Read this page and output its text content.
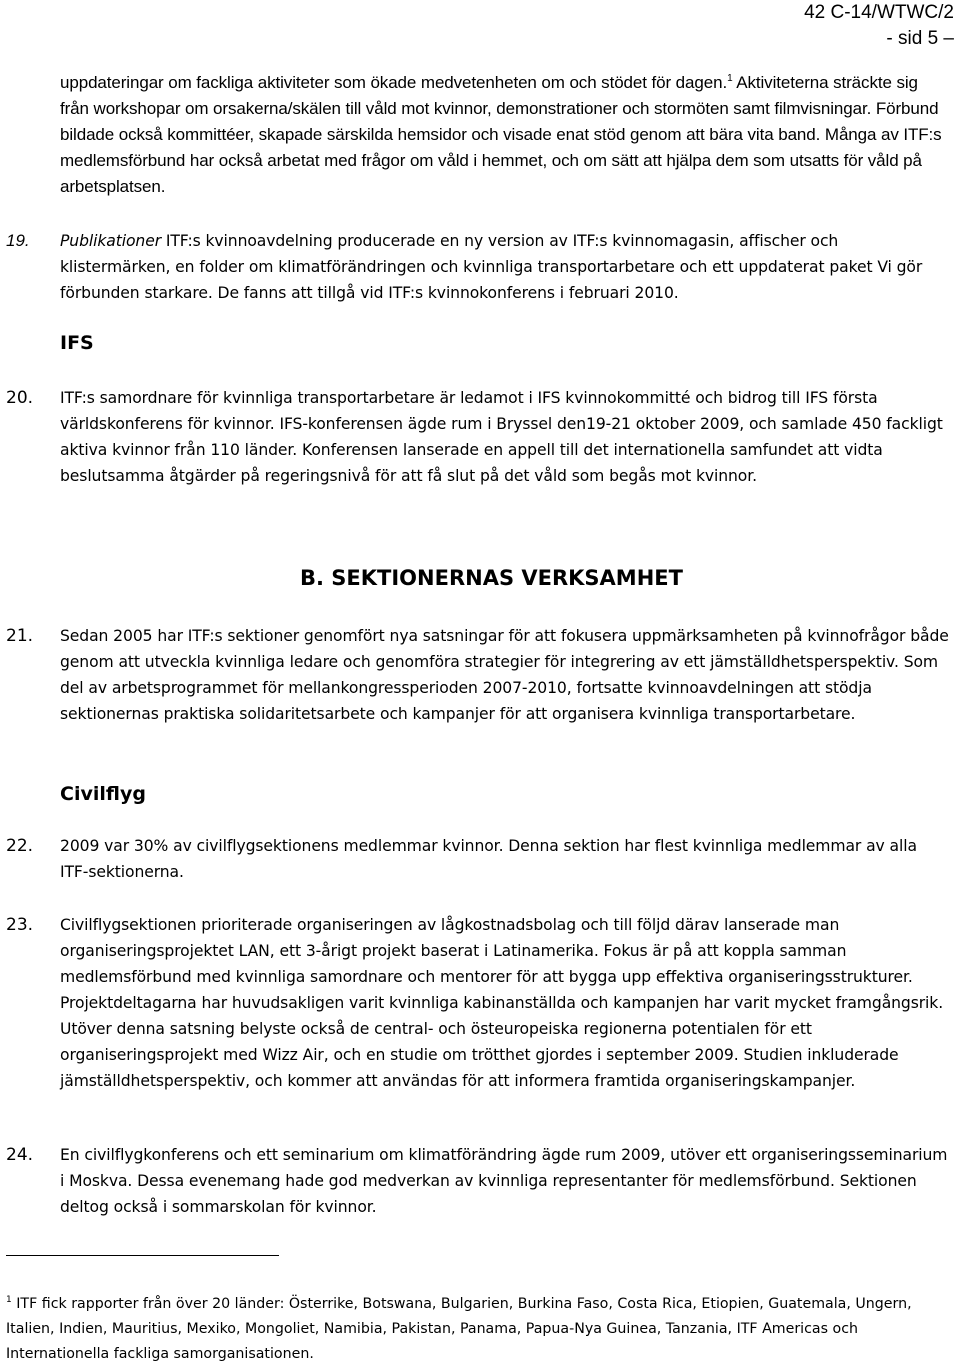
42 C-14/WTWC/2
- sid 5 –
uppdateringar om fackliga aktiviteter som ökade medvetenheten om och stödet för dagen.$^1$ Aktiviteterna sträckte sig från workshopar om orsakerna/skälen till våld mot kvinnor, demonstrationer och stormöten samt filmvisningar. Förbund bildade också kommittéer, skapade särskilda hemsidor och visade enat stöd genom att bära vita band. Många av ITF:s medlemsförbund har också arbetat med frågor om våld i hemmet, och om sätt att hjälpa dem som utsatts för våld på arbetsplatsen.
19. Publikationer ITF:s kvinnoavdelning producerade en ny version av ITF:s kvinnomagasin, affischer och klistermärken, en folder om klimatförändringen och kvinnliga transportarbetare och ett uppdaterat paket Vi gör förbunden starkare. De fanns att tillgå vid ITF:s kvinnokonferens i februari 2010.
IFS
20. ITF:s samordnare för kvinnliga transportarbetare är ledamot i IFS kvinnokommitté och bidrog till IFS första världskonferens för kvinnor. IFS-konferensen ägde rum i Bryssel den19-21 oktober 2009, och samlade 450 fackligt aktiva kvinnor från 110 länder. Konferensen lanserade en appell till det internationella samfundet att vidta beslutsamma åtgärder på regeringsnivå för att få slut på det våld som begås mot kvinnor.
B. SEKTIONERNAS VERKSAMHET
21. Sedan 2005 har ITF:s sektioner genomfört nya satsningar för att fokusera uppmärksamheten på kvinnofrågor både genom att utveckla kvinnliga ledare och genomföra strategier för integrering av ett jämställdhetsperspektiv. Som del av arbetsprogrammet för mellankongressperioden 2007-2010, fortsatte kvinnoavdelningen att stödja sektionernas praktiska solidaritetsarbete och kampanjer för att organisera kvinnliga transportarbetare.
Civilflyg
22. 2009 var 30% av civilflygsektionens medlemmar kvinnor. Denna sektion har flest kvinnliga medlemmar av alla ITF-sektionerna.
23. Civilflygsektionen prioriterade organiseringen av lågkostnadsbolag och till följd därav lanserade man organiseringsprojektet LAN, ett 3-årigt projekt baserat i Latinamerika. Fokus är på att koppla samman medlemsförbund med kvinnliga samordnare och mentorer för att bygga upp effektiva organiseringsstrukturer. Projektdeltagarna har huvudsakligen varit kvinnliga kabinanställda och kampanjen har varit mycket framgångsrik. Utöver denna satsning belyste också de central- och östeuropeiska regionerna potentialen för ett organiseringsprojekt med Wizz Air, och en studie om trötthet gjordes i september 2009. Studien inkluderade jämställdhetsperspektiv, och kommer att användas för att informera framtida organiseringskampanjer.
24. En civilflygkonferens och ett seminarium om klimatförändring ägde rum 2009, utöver ett organiseringsseminarium i Moskva. Dessa evenemang hade god medverkan av kvinnliga representanter för medlemsförbund. Sektionen deltog också i sommarskolan för kvinnor.
$^1$ ITF fick rapporter från över 20 länder: Österrike, Botswana, Bulgarien, Burkina Faso, Costa Rica, Etiopien, Guatemala, Ungern, Italien, Indien, Mauritius, Mexiko, Mongoliet, Namibia, Pakistan, Panama, Papua-Nya Guinea, Tanzania, ITF Americas och Internationella fackliga samorganisationen.
